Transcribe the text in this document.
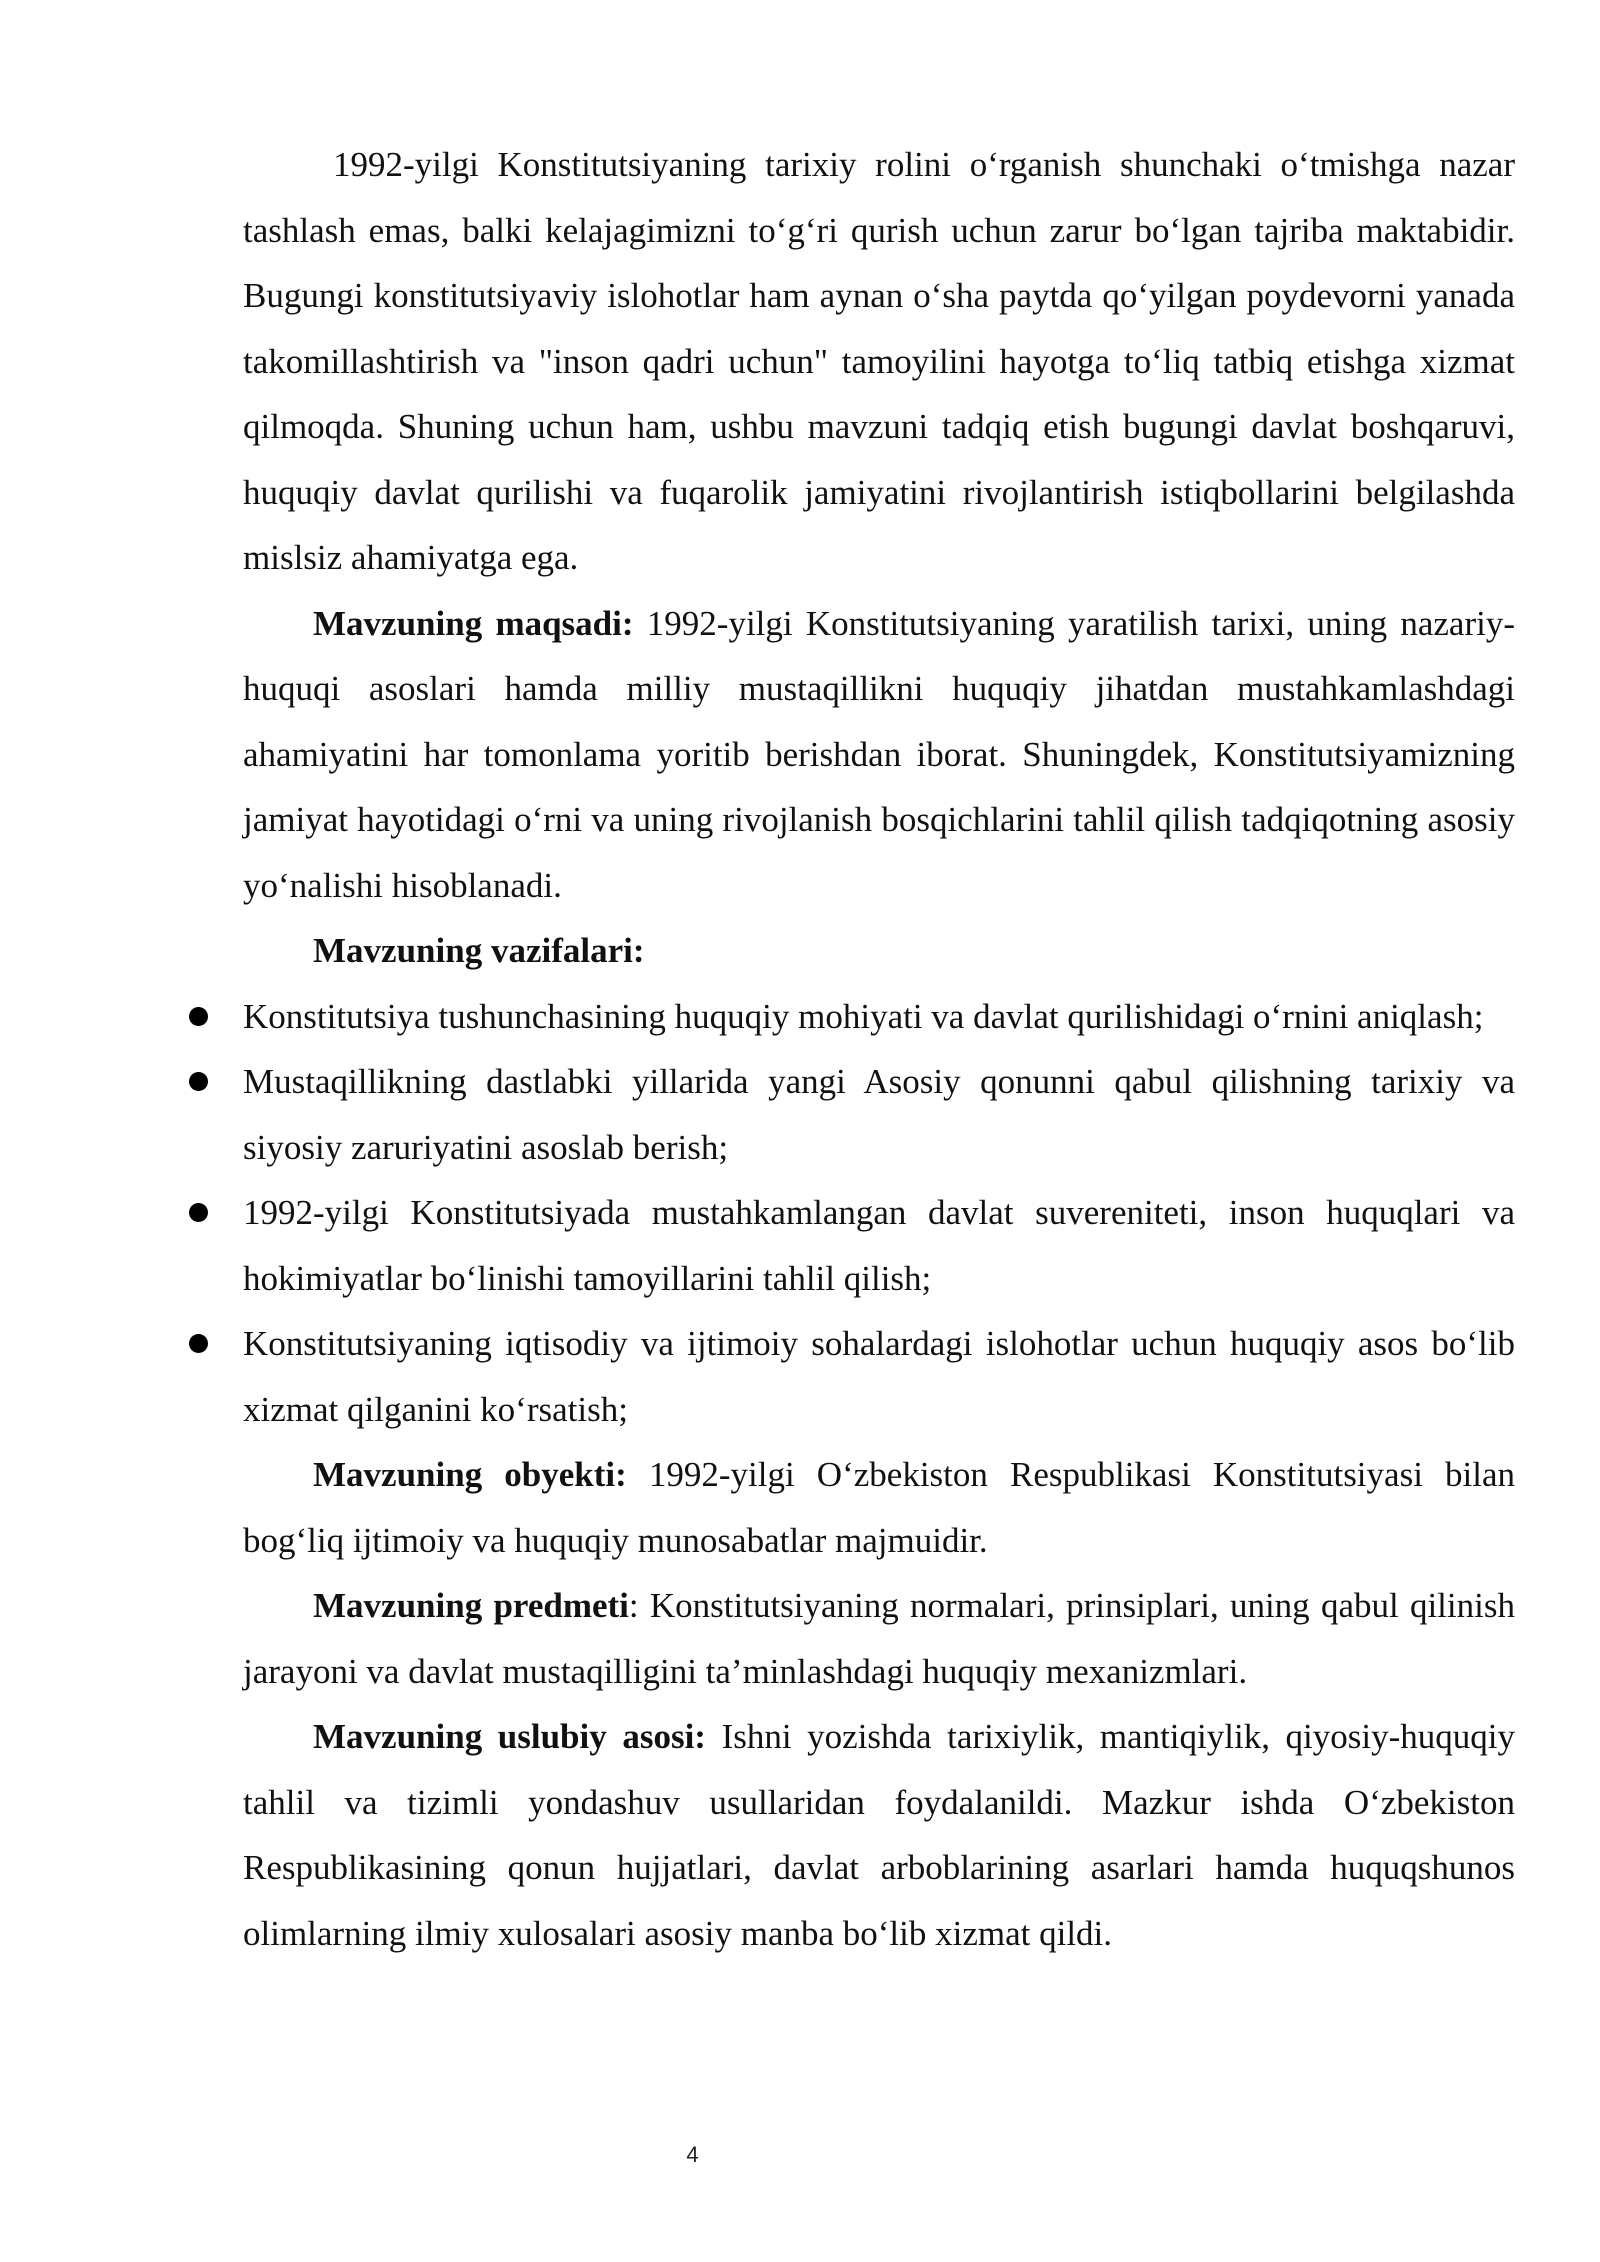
1992-yilgi Konstitutsiyaning tarixiy rolini o‘rganish shunchaki o‘tmishga nazar tashlash emas, balki kelajagimizni to‘g‘ri qurish uchun zarur bo‘lgan tajriba maktabidir. Bugungi konstitutsiyaviy islohotlar ham aynan o‘sha paytda qo‘yilgan poydevorni yanada takomillashtirish va "inson qadri uchun" tamoyilini hayotga to‘liq tatbiq etishga xizmat qilmoqda. Shuning uchun ham, ushbu mavzuni tadqiq etish bugungi davlat boshqaruvi, huquqiy davlat qurilishi va fuqarolik jamiyatini rivojlantirish istiqbollarini belgilashda mislsiz ahamiyatga ega.

Mavzuning maqsadi: 1992-yilgi Konstitutsiyaning yaratilish tarixi, uning nazariy-huquqi asoslari hamda milliy mustaqillikni huquqiy jihatdan mustahkamlashdagi ahamiyatini har tomonlama yoritib berishdan iborat. Shuningdek, Konstitutsiyamizning jamiyat hayotidagi o‘rni va uning rivojlanish bosqichlarini tahlil qilish tadqiqotning asosiy yo‘nalishi hisoblanadi.

Mavzuning vazifalari:

Konstitutsiya tushunchasining huquqiy mohiyati va davlat qurilishidagi o‘rnini aniqlash;
Mustaqillikning dastlabki yillarida yangi Asosiy qonunni qabul qilishning tarixiy va siyosiy zaruriyatini asoslab berish;
1992-yilgi Konstitutsiyada mustahkamlangan davlat suvereniteti, inson huquqlari va hokimiyatlar bo‘linishi tamoyillarini tahlil qilish;
Konstitutsiyaning iqtisodiy va ijtimoiy sohalardagi islohotlar uchun huquqiy asos bo‘lib xizmat qilganini ko‘rsatish;

Mavzuning obyekti: 1992-yilgi O‘zbekiston Respublikasi Konstitutsiyasi bilan bog‘liq ijtimoiy va huquqiy munosabatlar majmuidir.

Mavzuning predmeti: Konstitutsiyaning normalari, prinsiplari, uning qabul qilinish jarayoni va davlat mustaqilligini ta’minlashdagi huquqiy mexanizmlari.

Mavzuning uslubiy asosi: Ishni yozishda tarixiylik, mantiqiylik, qiyosiy-huquqiy tahlil va tizimli yondashuv usullaridan foydalanildi. Mazkur ishda O‘zbekiston Respublikasining qonun hujjatlari, davlat arboblarining asarlari hamda huquqshunos olimlarning ilmiy xulosalari asosiy manba bo‘lib xizmat qildi.

4
